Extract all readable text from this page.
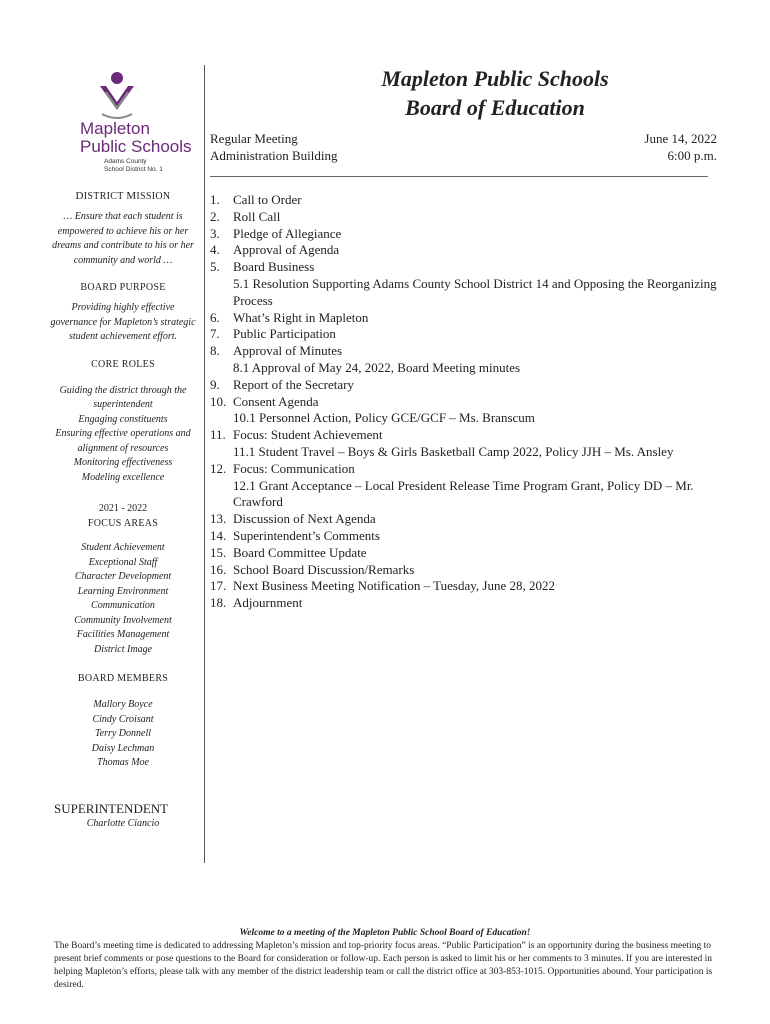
Mapleton
Public Schools
Adams County
School District No. 1
DISTRICT MISSION
… Ensure that each student is empowered to achieve his or her dreams and contribute to his or her community and world …
BOARD PURPOSE
Providing highly effective governance for Mapleton’s strategic student achievement effort.
CORE ROLES
Guiding the district through the superintendent
Engaging constituents
Ensuring effective operations and alignment of resources
Monitoring effectiveness
Modeling excellence
2021 - 2022
FOCUS AREAS
Student Achievement
Exceptional Staff
Character Development
Learning Environment
Communication
Community Involvement
Facilities Management
District Image
BOARD MEMBERS
Mallory Boyce
Cindy Croisant
Terry Donnell
Daisy Lechman
Thomas Moe
SUPERINTENDENT
Charlotte Ciancio
Mapleton Public Schools
Board of Education
Regular Meeting
Administration Building
June 14, 2022
6:00 p.m.
1. Call to Order
2. Roll Call
3. Pledge of Allegiance
4. Approval of Agenda
5. Board Business
5.1 Resolution Supporting Adams County School District 14 and Opposing the Reorganizing Process
6. What’s Right in Mapleton
7. Public Participation
8. Approval of Minutes
8.1 Approval of May 24, 2022, Board Meeting minutes
9. Report of the Secretary
10. Consent Agenda
10.1 Personnel Action, Policy GCE/GCF – Ms. Branscum
11. Focus: Student Achievement
11.1 Student Travel – Boys & Girls Basketball Camp 2022, Policy JJH – Ms. Ansley
12. Focus: Communication
12.1 Grant Acceptance – Local President Release Time Program Grant, Policy DD – Mr. Crawford
13. Discussion of Next Agenda
14. Superintendent’s Comments
15. Board Committee Update
16. School Board Discussion/Remarks
17. Next Business Meeting Notification – Tuesday, June 28, 2022
18. Adjournment
Welcome to a meeting of the Mapleton Public School Board of Education!
The Board’s meeting time is dedicated to addressing Mapleton’s mission and top-priority focus areas. “Public Participation” is an opportunity during the business meeting to present brief comments or pose questions to the Board for consideration or follow-up. Each person is asked to limit his or her comments to 3 minutes. If you are interested in helping Mapleton’s efforts, please talk with any member of the district leadership team or call the district office at 303-853-1015. Opportunities abound. Your participation is desired.
